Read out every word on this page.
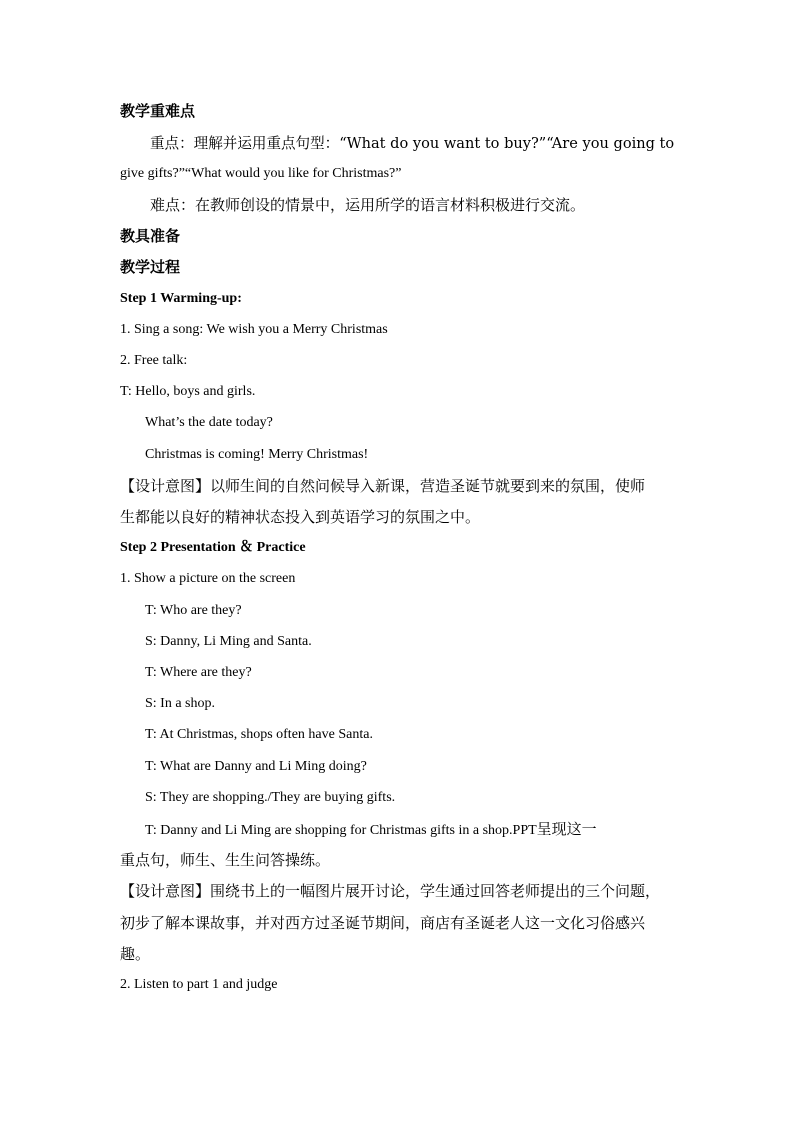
教学重难点
重点：理解并运用重点句型：“What do you want to buy?”“Are you going to
give gifts?”“What would you like for Christmas?”
难点：在教师创设的情景中，运用所学的语言材料积极进行交流。
教具准备
教学过程
Step 1 Warming-up:
1. Sing a song: We wish you a Merry Christmas
2. Free talk:
T: Hello, boys and girls.
What’s the date today?
Christmas is coming! Merry Christmas!
【设计意图】以师生间的自然问候导入新课，营造圣诞节就要到来的氛围，使师
生都能以良好的精神状态投入到英语学习的氛围之中。
Step 2 Presentation ＆ Practice
1. Show a picture on the screen
T: Who are they?
S: Danny, Li Ming and Santa.
T: Where are they?
S: In a shop.
T: At Christmas, shops often have Santa.
T: What are Danny and Li Ming doing?
S: They are shopping./They are buying gifts.
T: Danny and Li Ming are shopping for Christmas gifts in a shop.PPT呈现这一
重点句，师生、生生问答操练。
【设计意图】围绕书上的一幅图片展开讨论，学生通过回答老师提出的三个问题，
初步了解本课故事，并对西方过圣诞节期间，商店有圣诞老人这一文化习俗感兴
趣。
2. Listen to part 1 and judge
